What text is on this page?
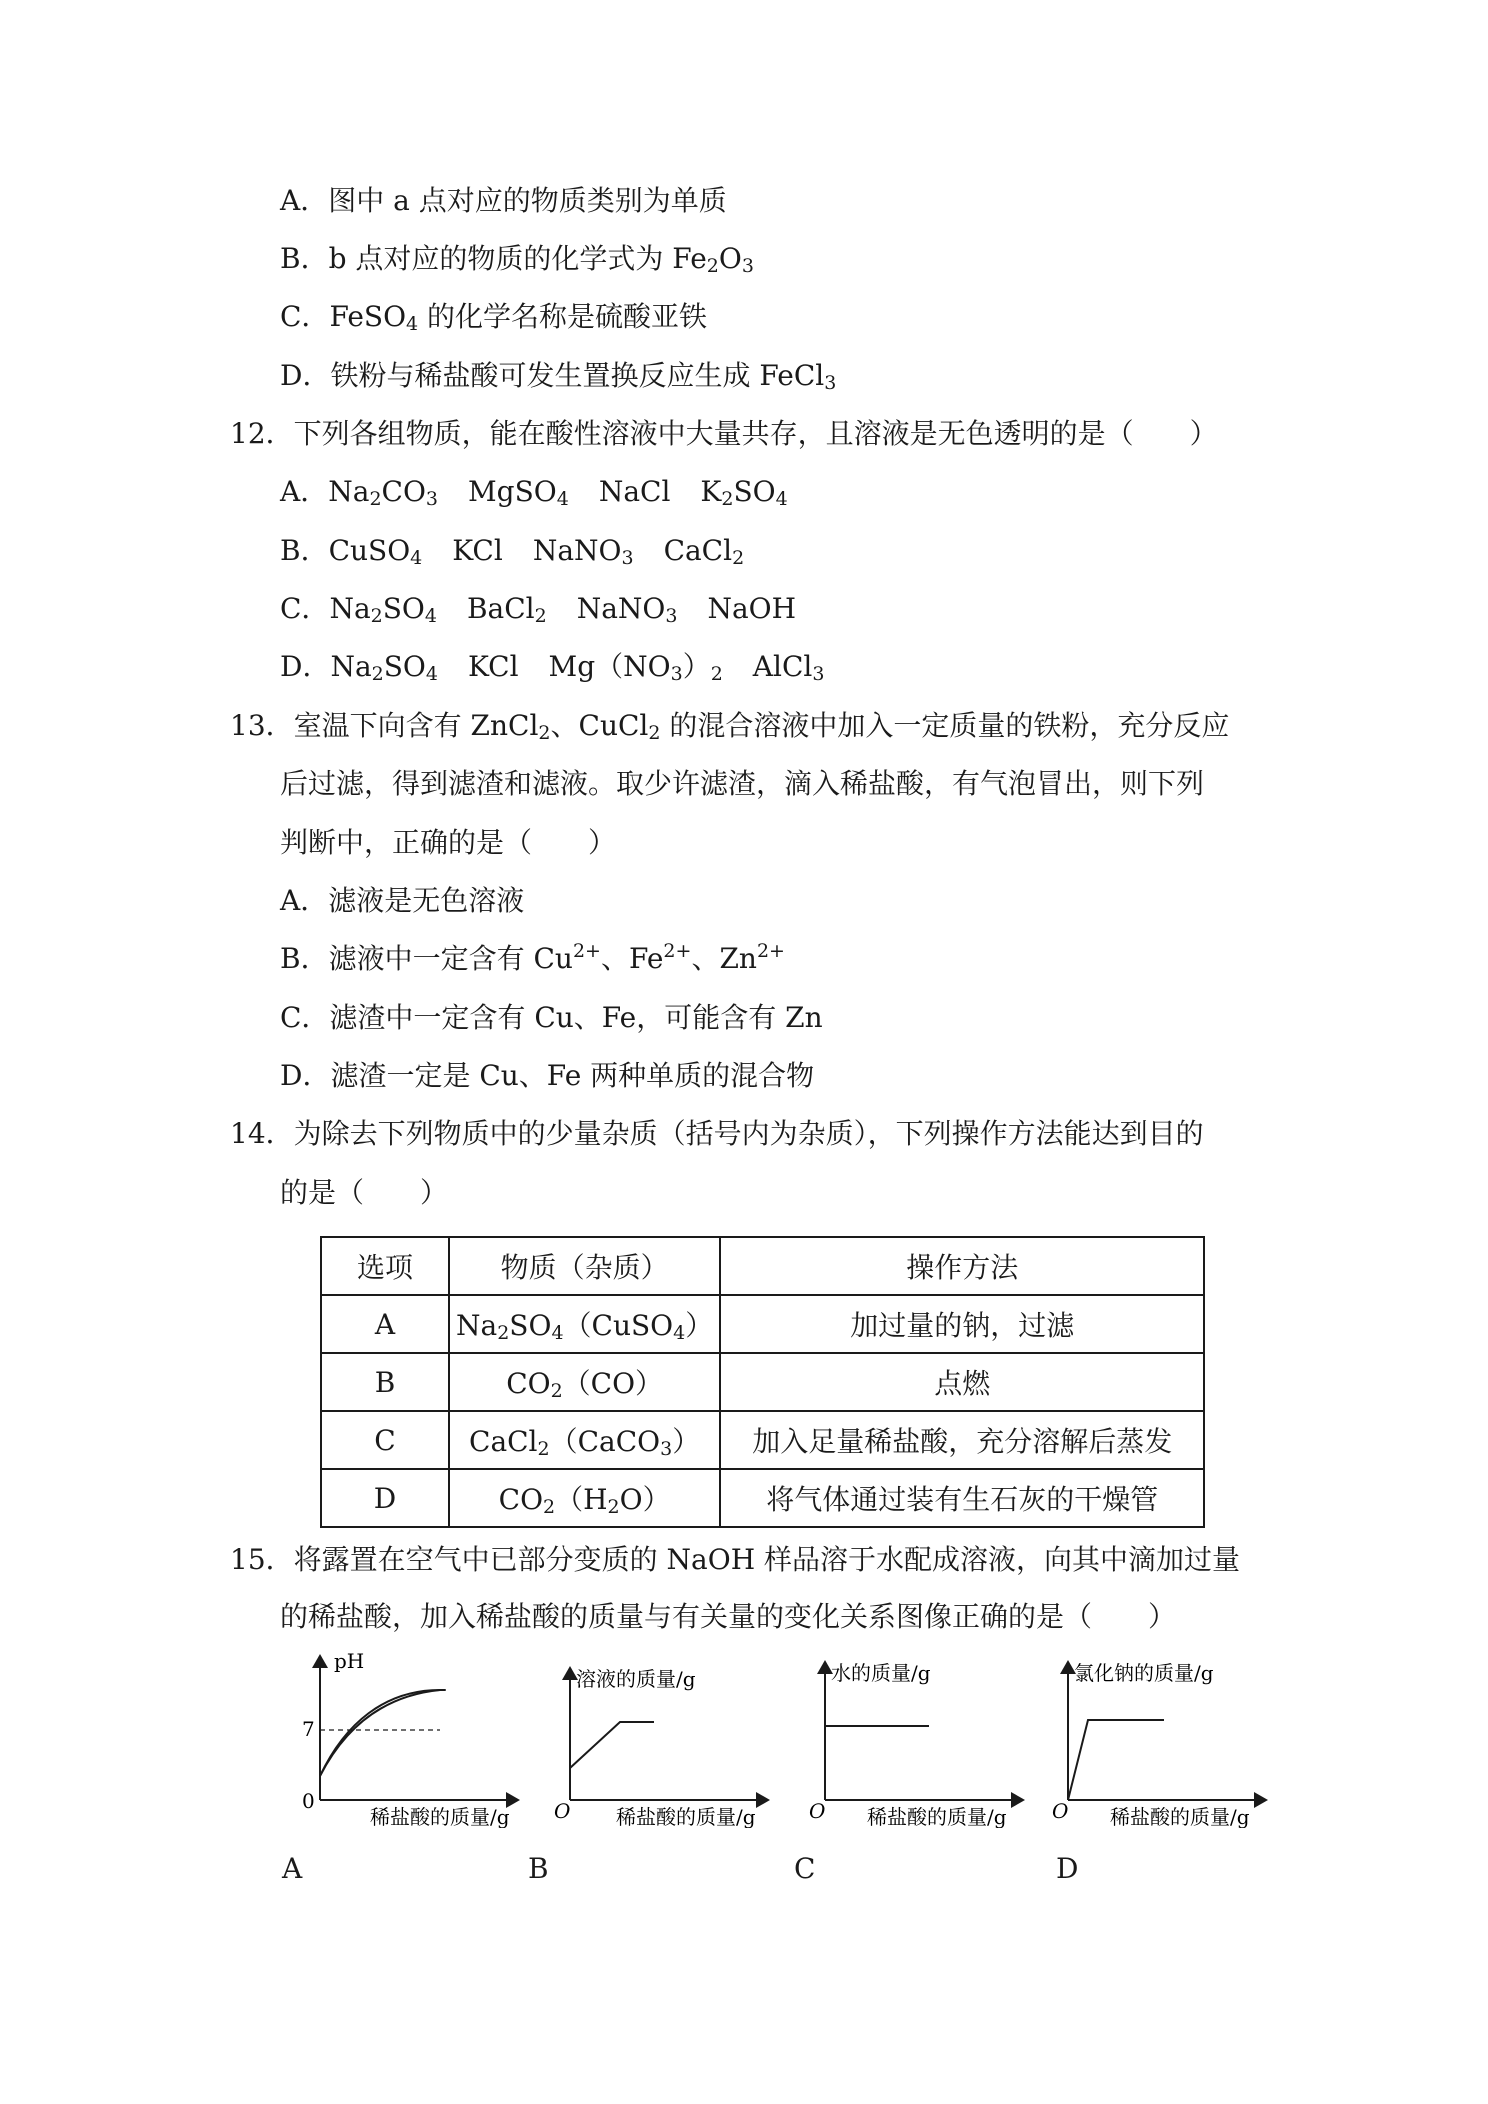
A．图中 a 点对应的物质类别为单质
B．b 点对应的物质的化学式为 $Fe_2O_3$
C．FeSO$_4$ 的化学名称是硫酸亚铁
D．铁粉与稀盐酸可发生置换反应生成 FeCl$_3$
12．下列各组物质，能在酸性溶液中大量共存，且溶液是无色透明的是（　　）
A．$Na_2CO_3$ MgSO$_4$ NaCl $K_2SO_4$
B．CuSO$_4$ KCl NaNO$_3$ CaCl$_2$
C．$Na_2SO_4$ BaCl$_2$ NaNO$_3$ NaOH
D．$Na_2SO_4$ KCl $Mg(NO_3)_2$ AlCl$_3$
13．室温下向含有 ZnCl$_2$、CuCl$_2$ 的混合溶液中加入一定质量的铁粉，充分反应
后过滤，得到滤渣和滤液。取少许滤渣，滴入稀盐酸，有气泡冒出，则下列
判断中，正确的是（　　）
A．滤液是无色溶液
B．滤液中一定含有 $Cu^{2+}$、$Fe^{2+}$、$Zn^{2+}$
C．滤渣中一定含有 Cu、Fe，可能含有 Zn
D．滤渣一定是 Cu、Fe 两种单质的混合物
14．为除去下列物质中的少量杂质（括号内为杂质），下列操作方法能达到目的
的是（　　）
选项	物质（杂质）	操作方法
A	$Na_2SO_4(CuSO_4)$	加过量的钠，过滤
B	$CO_2(CO)$	点燃
C	CaCl$_2$（CaCO$_3$）	加入足量稀盐酸，充分溶解后蒸发
D	$CO_2(H_2O)$	将气体通过装有生石灰的干燥管
15．将露置在空气中已部分变质的 NaOH 样品溶于水配成溶液，向其中滴加过量
的稀盐酸，加入稀盐酸的质量与有关量的变化关系图像正确的是（　　）
pH
7
0
稀盐酸的质量/g
溶液的质量/g
O 稀盐酸的质量/g
水的质量/g
O 稀盐酸的质量/g
氯化钠的质量/g
O 稀盐酸的质量/g
A	B	C	D
